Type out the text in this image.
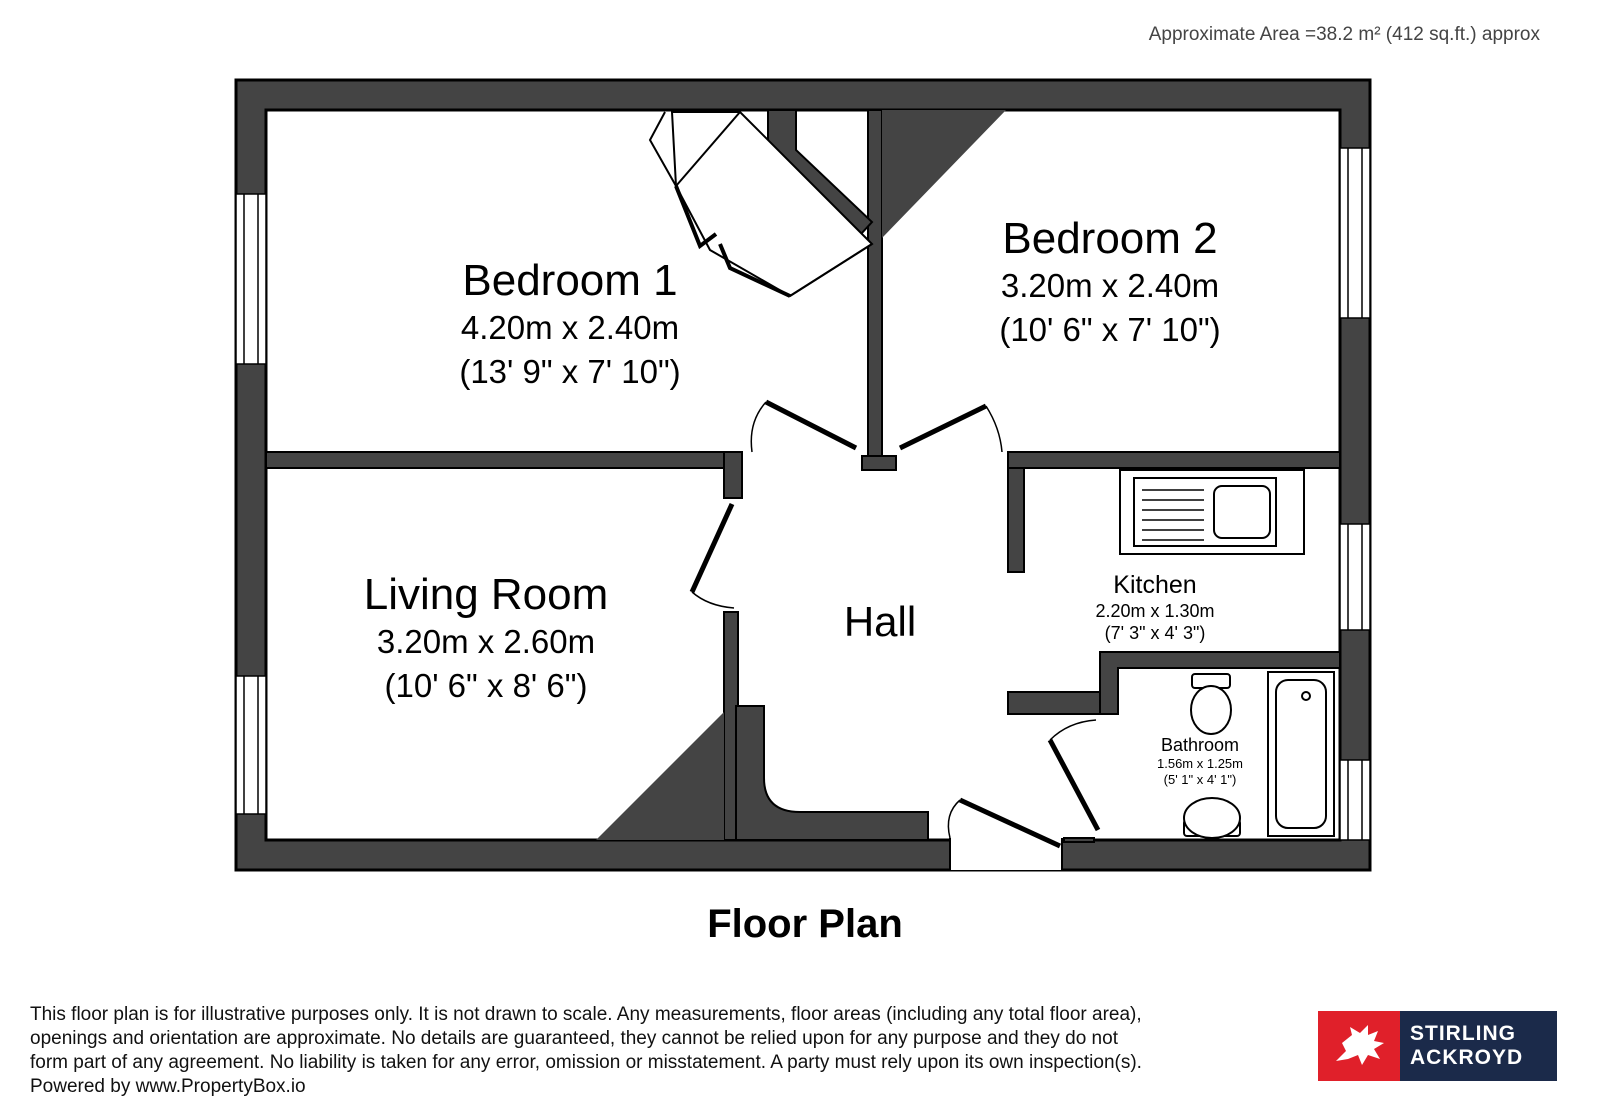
Approximate Area =38.2 m² (412 sq.ft.) approx
Bedroom 1
4.20m x 2.40m
(13' 9" x 7' 10")
Bedroom 2
3.20m x 2.40m
(10' 6" x 7' 10")
Living Room
3.20m x 2.60m
(10' 6" x 8' 6")
Hall
Kitchen
2.20m x 1.30m
(7' 3" x 4' 3")
Bathroom
1.56m x 1.25m
(5' 1" x 4' 1")
Floor Plan
This floor plan is for illustrative purposes only. It is not drawn to scale. Any measurements, floor areas (including any total floor area),
openings and orientation are approximate. No details are guaranteed, they cannot be relied upon for any purpose and they do not
form part of any agreement. No liability is taken for any error, omission or misstatement. A party must rely upon its own inspection(s).
Powered by www.PropertyBox.io
STIRLING
ACKROYD
